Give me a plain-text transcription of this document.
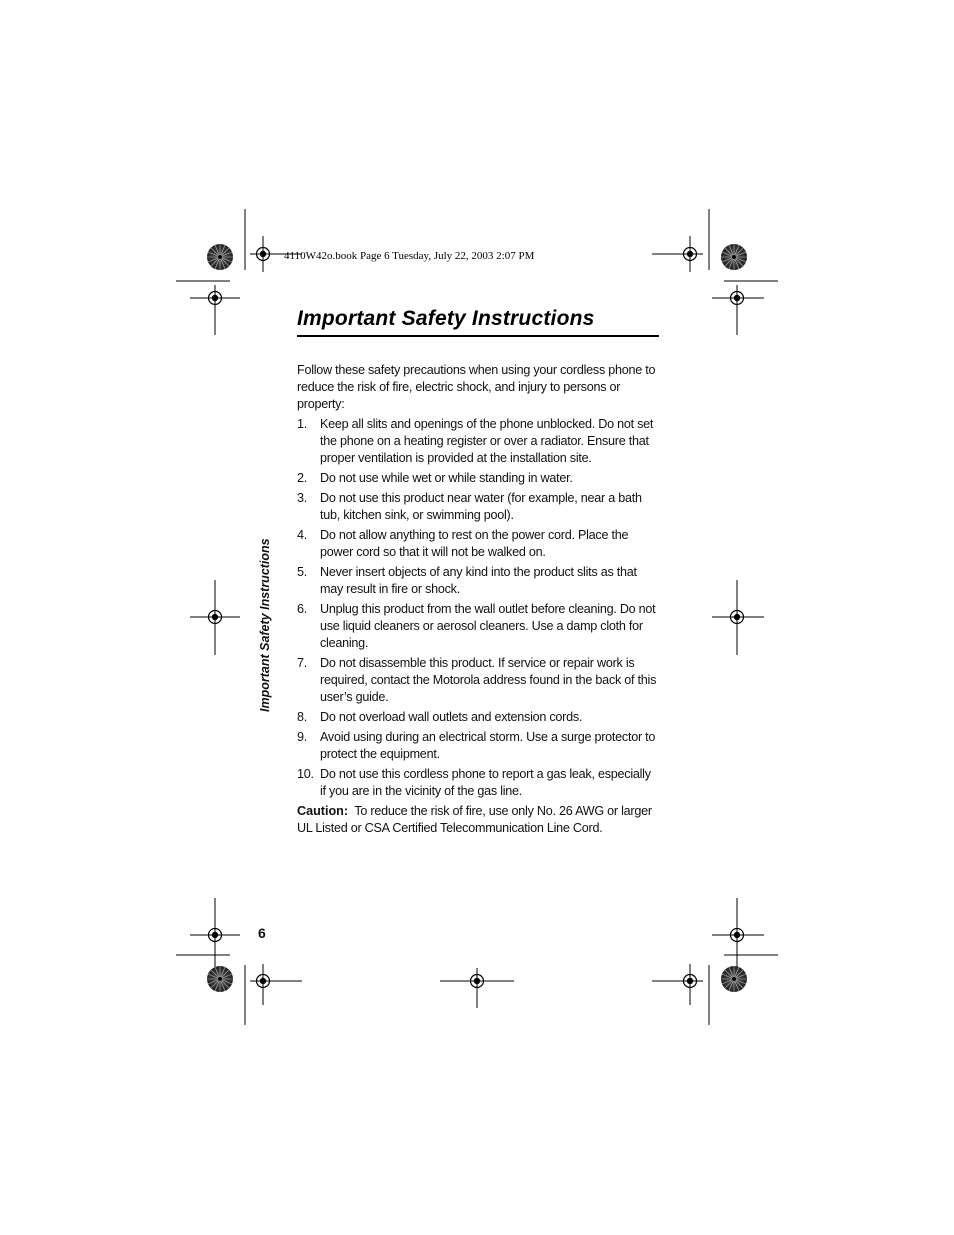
4110W42o.book Page 6 Tuesday, July 22, 2003 2:07 PM
Important Safety Instructions

Follow these safety precautions when using your cordless phone to reduce the risk of fire, electric shock, and injury to persons or property:

1. Keep all slits and openings of the phone unblocked. Do not set the phone on a heating register or over a radiator. Ensure that proper ventilation is provided at the installation site.
2. Do not use while wet or while standing in water.
3. Do not use this product near water (for example, near a bath tub, kitchen sink, or swimming pool).
4. Do not allow anything to rest on the power cord. Place the power cord so that it will not be walked on.
5. Never insert objects of any kind into the product slits as that may result in fire or shock.
6. Unplug this product from the wall outlet before cleaning. Do not use liquid cleaners or aerosol cleaners. Use a damp cloth for cleaning.
7. Do not disassemble this product. If service or repair work is required, contact the Motorola address found in the back of this user’s guide.
8. Do not overload wall outlets and extension cords.
9. Avoid using during an electrical storm. Use a surge protector to protect the equipment.
10. Do not use this cordless phone to report a gas leak, especially if you are in the vicinity of the gas line.

Caution: To reduce the risk of fire, use only No. 26 AWG or larger UL Listed or CSA Certified Telecommunication Line Cord.

Important Safety Instructions
6
